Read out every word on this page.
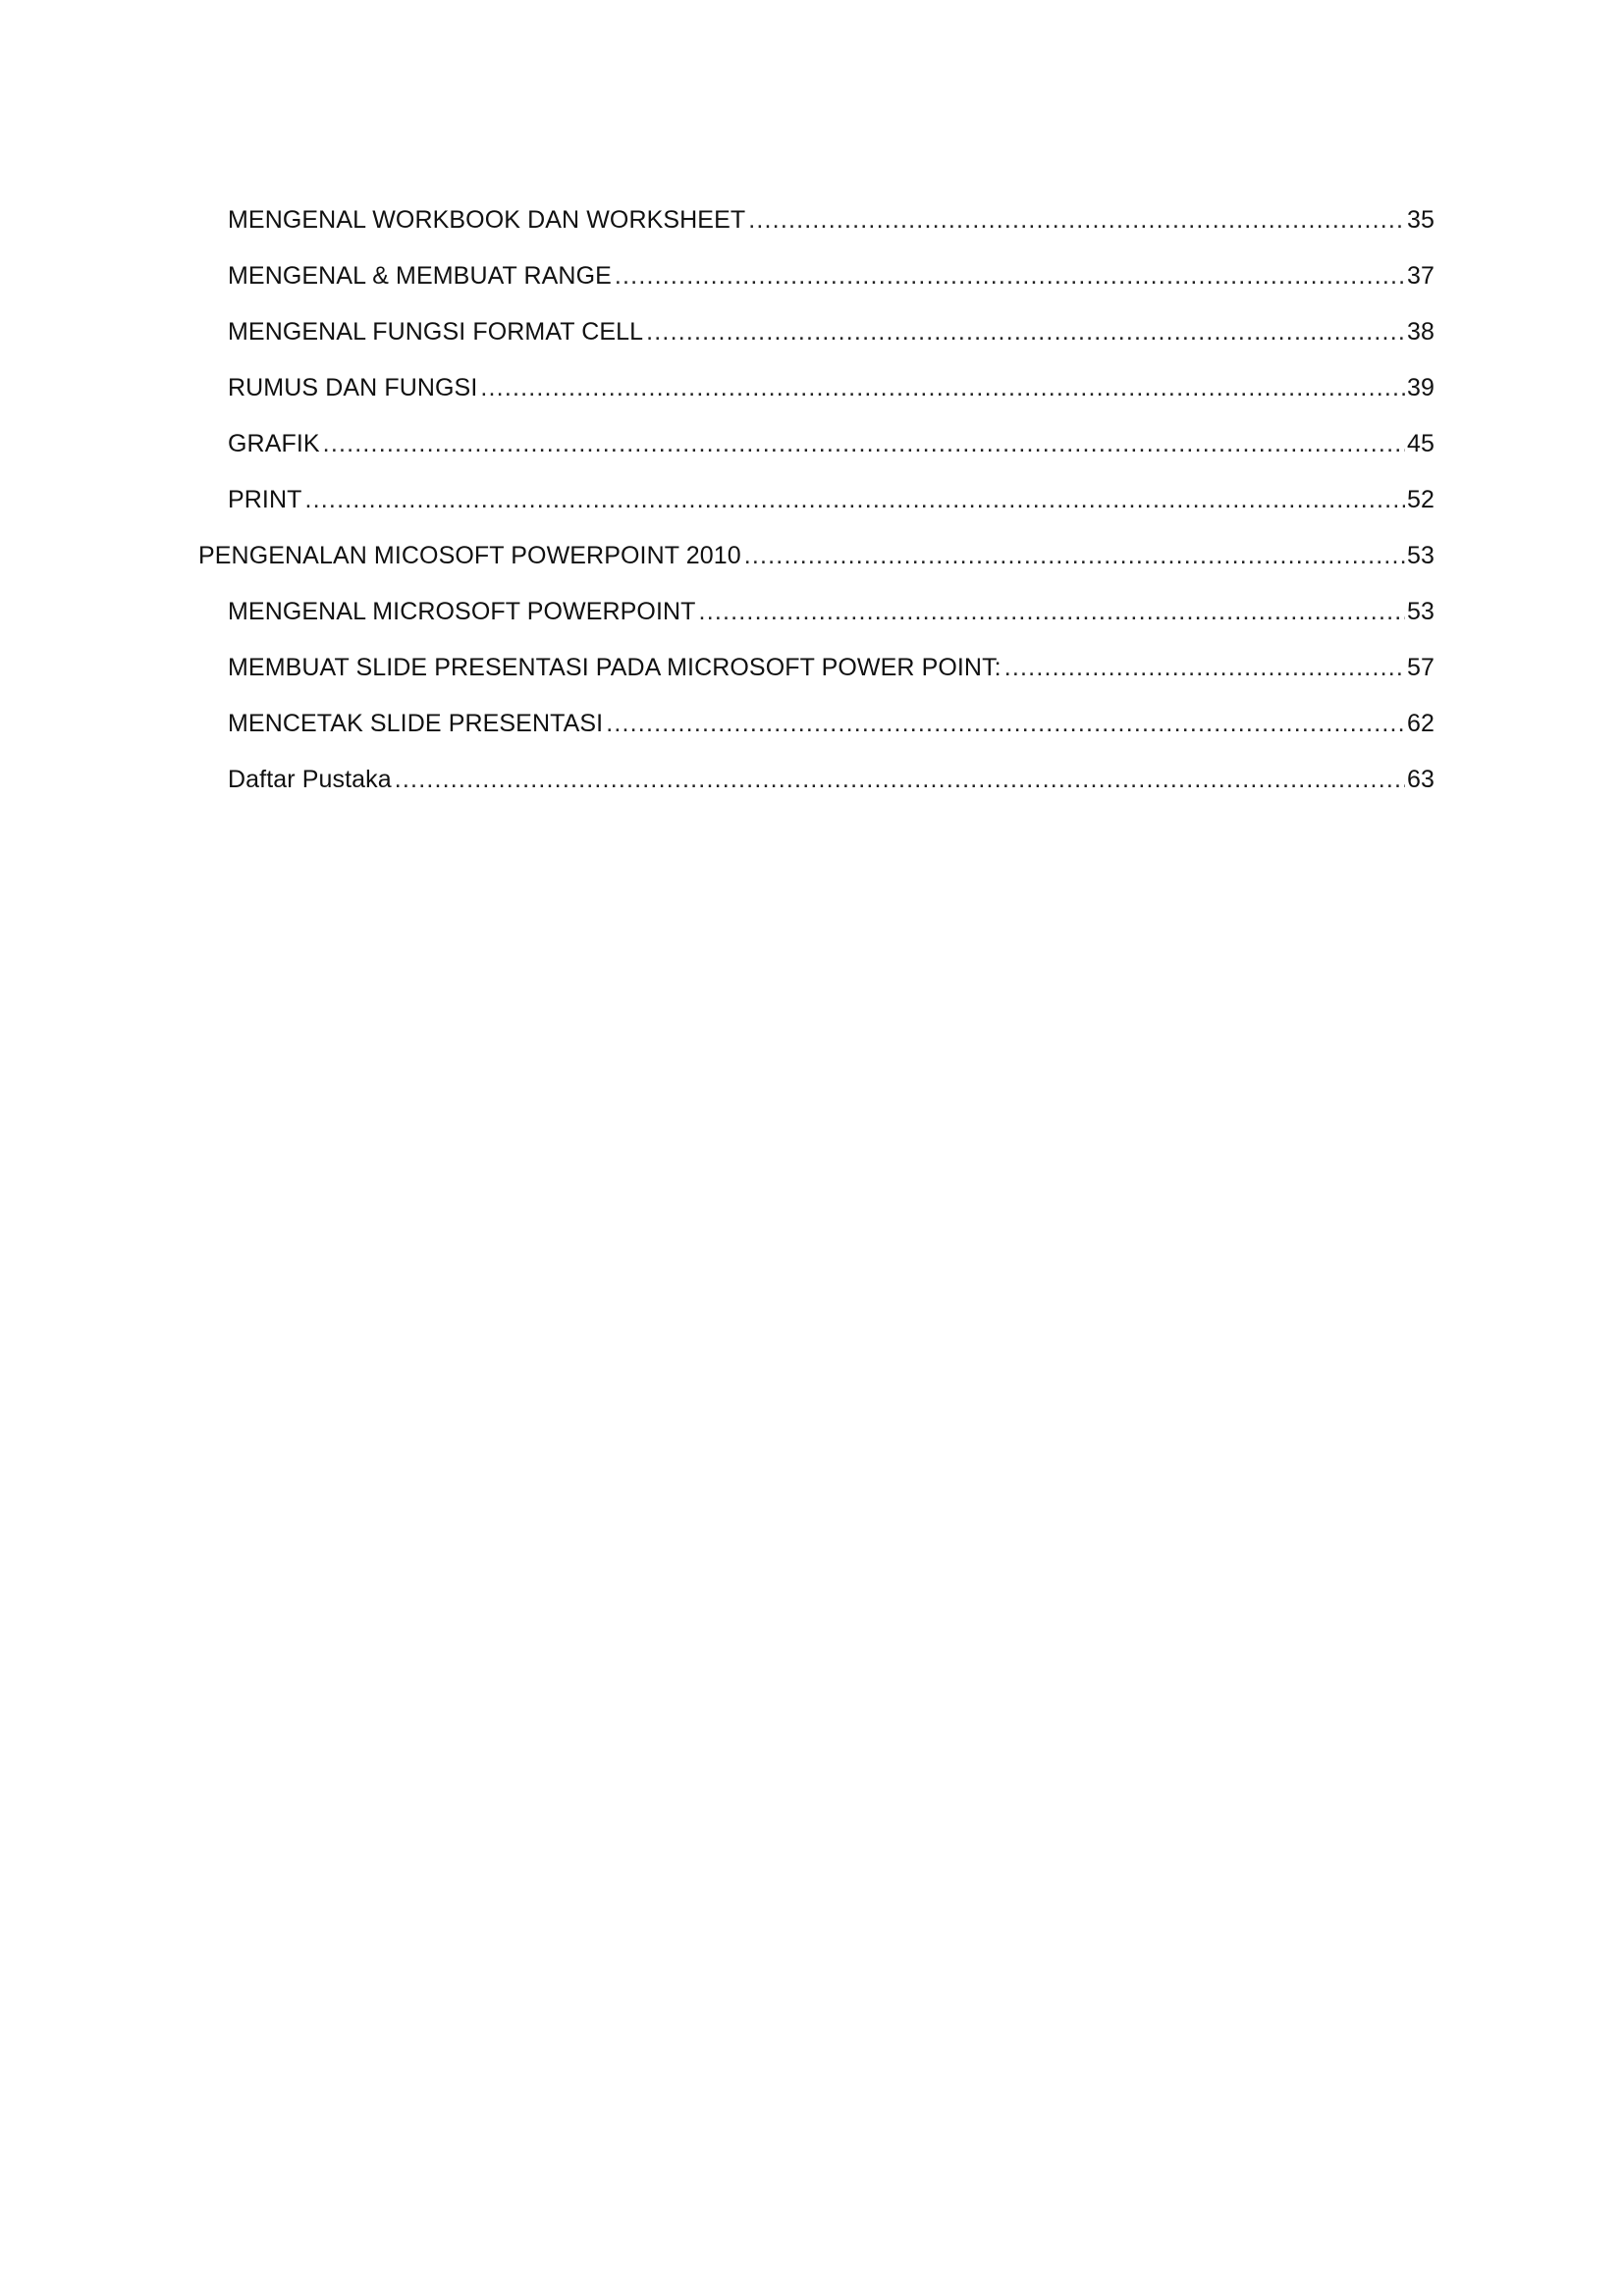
MENGENAL WORKBOOK DAN WORKSHEET .....	35
MENGENAL & MEMBUAT RANGE .....	37
MENGENAL FUNGSI FORMAT CELL .....	38
RUMUS DAN FUNGSI .....	39
GRAFIK .....	45
PRINT .....	52
PENGENALAN MICOSOFT POWERPOINT 2010 .....	53
MENGENAL MICROSOFT POWERPOINT .....	53
MEMBUAT SLIDE PRESENTASI PADA MICROSOFT POWER POINT: .....	57
MENCETAK SLIDE PRESENTASI .....	62
Daftar Pustaka .....	63
